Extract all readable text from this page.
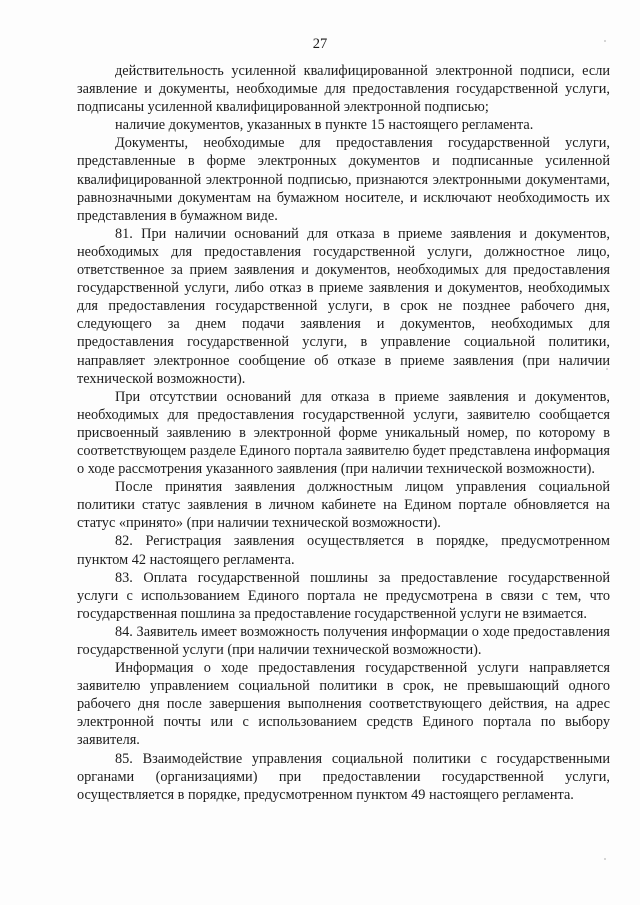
27

действительность усиленной квалифицированной электронной подписи, если заявление и документы, необходимые для предоставления государственной услуги, подписаны усиленной квалифицированной электронной подписью;

наличие документов, указанных в пункте 15 настоящего регламента.

Документы, необходимые для предоставления государственной услуги, представленные в форме электронных документов и подписанные усиленной квалифицированной электронной подписью, признаются электронными документами, равнозначными документам на бумажном носителе, и исключают необходимость их представления в бумажном виде.

81. При наличии оснований для отказа в приеме заявления и документов, необходимых для предоставления государственной услуги, должностное лицо, ответственное за прием заявления и документов, необходимых для предоставления государственной услуги, либо отказ в приеме заявления и документов, необходимых для предоставления государственной услуги, в срок не позднее рабочего дня, следующего за днем подачи заявления и документов, необходимых для предоставления государственной услуги, в управление социальной политики, направляет электронное сообщение об отказе в приеме заявления (при наличии технической возможности).

При отсутствии оснований для отказа в приеме заявления и документов, необходимых для предоставления государственной услуги, заявителю сообщается присвоенный заявлению в электронной форме уникальный номер, по которому в соответствующем разделе Единого портала заявителю будет представлена информация о ходе рассмотрения указанного заявления (при наличии технической возможности).

После принятия заявления должностным лицом управления социальной политики статус заявления в личном кабинете на Едином портале обновляется на статус «принято» (при наличии технической возможности).

82. Регистрация заявления осуществляется в порядке, предусмотренном пунктом 42 настоящего регламента.

83. Оплата государственной пошлины за предоставление государственной услуги с использованием Единого портала не предусмотрена в связи с тем, что государственная пошлина за предоставление государственной услуги не взимается.

84. Заявитель имеет возможность получения информации о ходе предоставления государственной услуги (при наличии технической возможности).

Информация о ходе предоставления государственной услуги направляется заявителю управлением социальной политики в срок, не превышающий одного рабочего дня после завершения выполнения соответствующего действия, на адрес электронной почты или с использованием средств Единого портала по выбору заявителя.

85. Взаимодействие управления социальной политики с государственными органами (организациями) при предоставлении государственной услуги, осуществляется в порядке, предусмотренном пунктом 49 настоящего регламента.
